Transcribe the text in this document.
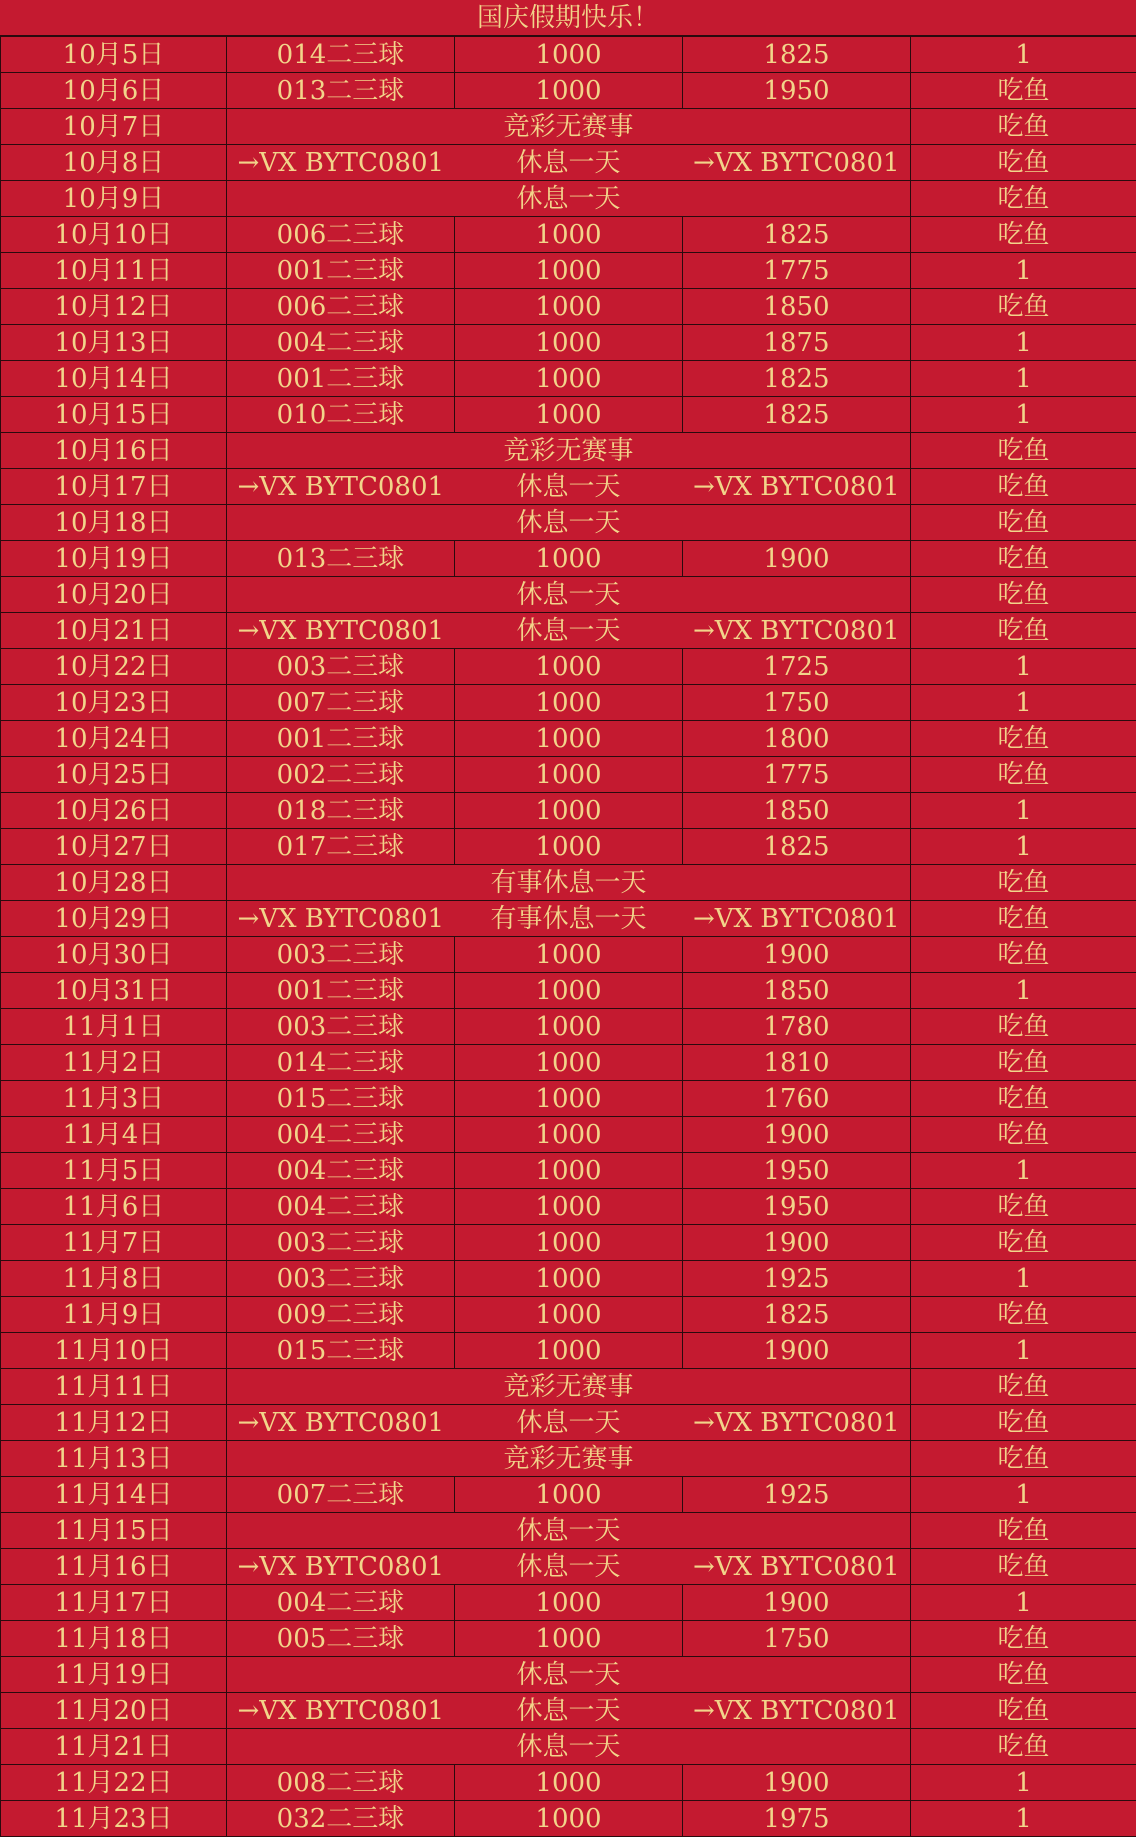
国庆假期快乐！
10月5日	014二三球	1000	1825	1
10月6日	013二三球	1000	1950	吃鱼
10月7日	竞彩无赛事			吃鱼
10月8日	→VX BYTC0801	休息一天	→VX BYTC0801	吃鱼
10月9日	休息一天			吃鱼
10月10日	006二三球	1000	1825	吃鱼
10月11日	001二三球	1000	1775	1
10月12日	006二三球	1000	1850	吃鱼
10月13日	004二三球	1000	1875	1
10月14日	001二三球	1000	1825	1
10月15日	010二三球	1000	1825	1
10月16日	竞彩无赛事			吃鱼
10月17日	→VX BYTC0801	休息一天	→VX BYTC0801	吃鱼
10月18日	休息一天			吃鱼
10月19日	013二三球	1000	1900	吃鱼
10月20日	休息一天			吃鱼
10月21日	→VX BYTC0801	休息一天	→VX BYTC0801	吃鱼
10月22日	003二三球	1000	1725	1
10月23日	007二三球	1000	1750	1
10月24日	001二三球	1000	1800	吃鱼
10月25日	002二三球	1000	1775	吃鱼
10月26日	018二三球	1000	1850	1
10月27日	017二三球	1000	1825	1
10月28日	有事休息一天			吃鱼
10月29日	→VX BYTC0801	有事休息一天	→VX BYTC0801	吃鱼
10月30日	003二三球	1000	1900	吃鱼
10月31日	001二三球	1000	1850	1
11月1日	003二三球	1000	1780	吃鱼
11月2日	014二三球	1000	1810	吃鱼
11月3日	015二三球	1000	1760	吃鱼
11月4日	004二三球	1000	1900	吃鱼
11月5日	004二三球	1000	1950	1
11月6日	004二三球	1000	1950	吃鱼
11月7日	003二三球	1000	1900	吃鱼
11月8日	003二三球	1000	1925	1
11月9日	009二三球	1000	1825	吃鱼
11月10日	015二三球	1000	1900	1
11月11日	竞彩无赛事			吃鱼
11月12日	→VX BYTC0801	休息一天	→VX BYTC0801	吃鱼
11月13日	竞彩无赛事			吃鱼
11月14日	007二三球	1000	1925	1
11月15日	休息一天			吃鱼
11月16日	→VX BYTC0801	休息一天	→VX BYTC0801	吃鱼
11月17日	004二三球	1000	1900	1
11月18日	005二三球	1000	1750	吃鱼
11月19日	休息一天			吃鱼
11月20日	→VX BYTC0801	休息一天	→VX BYTC0801	吃鱼
11月21日	休息一天			吃鱼
11月22日	008二三球	1000	1900	1
11月23日	032二三球	1000	1975	1
